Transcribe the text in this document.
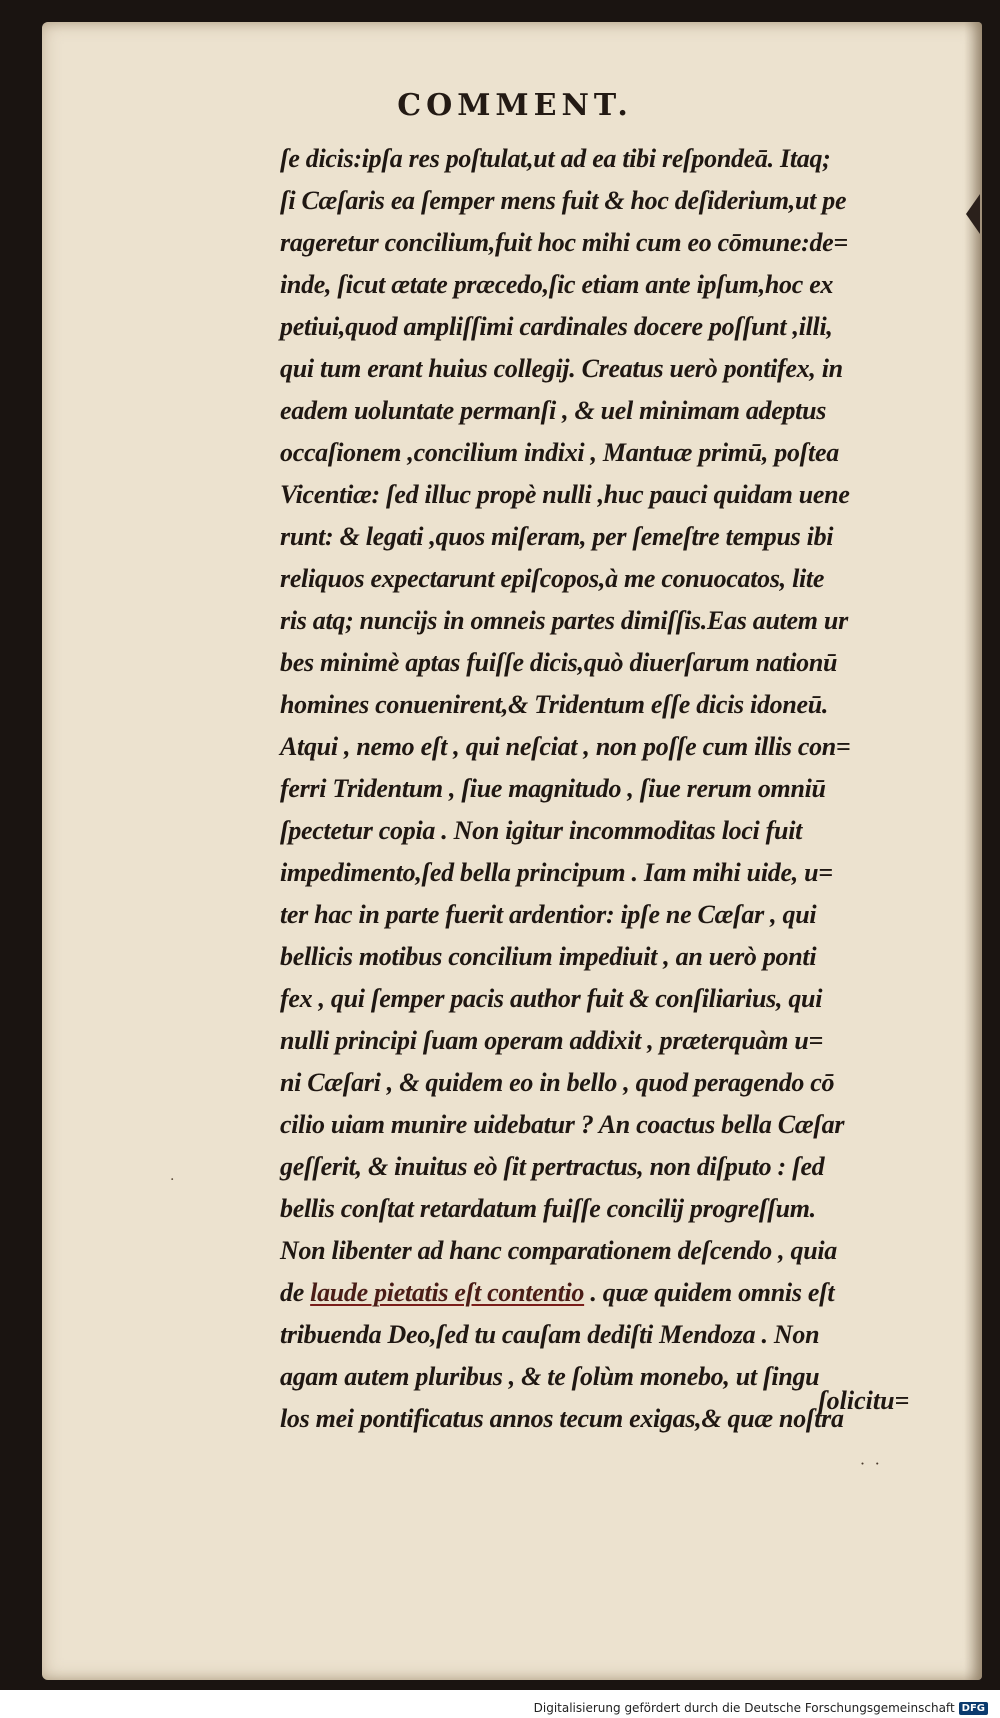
·
COMMENT.
ſe dicis:ipſa res poſtulat,ut ad ea tibi reſpondeā. Itaq;
ſi Cæſaris ea ſemper mens fuit & hoc deſiderium,ut pe
rageretur concilium,fuit hoc mihi cum eo cōmune:de=
inde, ſicut ætate præcedo,ſic etiam ante ipſum,hoc ex
petiui,quod ampliſſimi cardinales docere poſſunt ,illi,
qui tum erant huius collegij. Creatus uerò pontifex, in
eadem uoluntate permanſi , & uel minimam adeptus
occaſionem ,concilium indixi , Mantuæ primū, poſtea
Vicentiæ: ſed illuc propè nulli ,huc pauci quidam uene
runt: & legati ,quos miſeram, per ſemeſtre tempus ibi
reliquos expectarunt epiſcopos,à me conuocatos, lite
ris atq; nuncijs in omneis partes dimiſſis.Eas autem ur
bes minimè aptas fuiſſe dicis,quò diuerſarum nationū
homines conuenirent,& Tridentum eſſe dicis idoneū.
Atqui , nemo eſt , qui neſciat , non poſſe cum illis con=
ferri Tridentum , ſiue magnitudo , ſiue rerum omniū
ſpectetur copia . Non igitur incommoditas loci fuit
impedimento,ſed bella principum . Iam mihi uide, u=
ter hac in parte fuerit ardentior: ipſe ne Cæſar , qui
bellicis motibus concilium impediuit , an uerò ponti
fex , qui ſemper pacis author fuit & conſiliarius, qui
nulli principi ſuam operam addixit , præterquàm u=
ni Cæſari , & quidem eo in bello , quod peragendo cō
cilio uiam munire uidebatur ? An coactus bella Cæſar
geſſerit, & inuitus eò ſit pertractus, non diſputo : ſed
bellis conſtat retardatum fuiſſe concilij progreſſum.
Non libenter ad hanc comparationem deſcendo , quia
de laude pietatis eſt contentio . quæ quidem omnis eſt
tribuenda Deo,ſed tu cauſam dediſti Mendoza . Non
agam autem pluribus , & te ſolùm monebo, ut ſingu
los mei pontificatus annos tecum exigas,& quæ noſtra
ſolicitu=
˙ ˙
Digitalisierung gefördert durch die Deutsche Forschungsgemeinschaft DFG
